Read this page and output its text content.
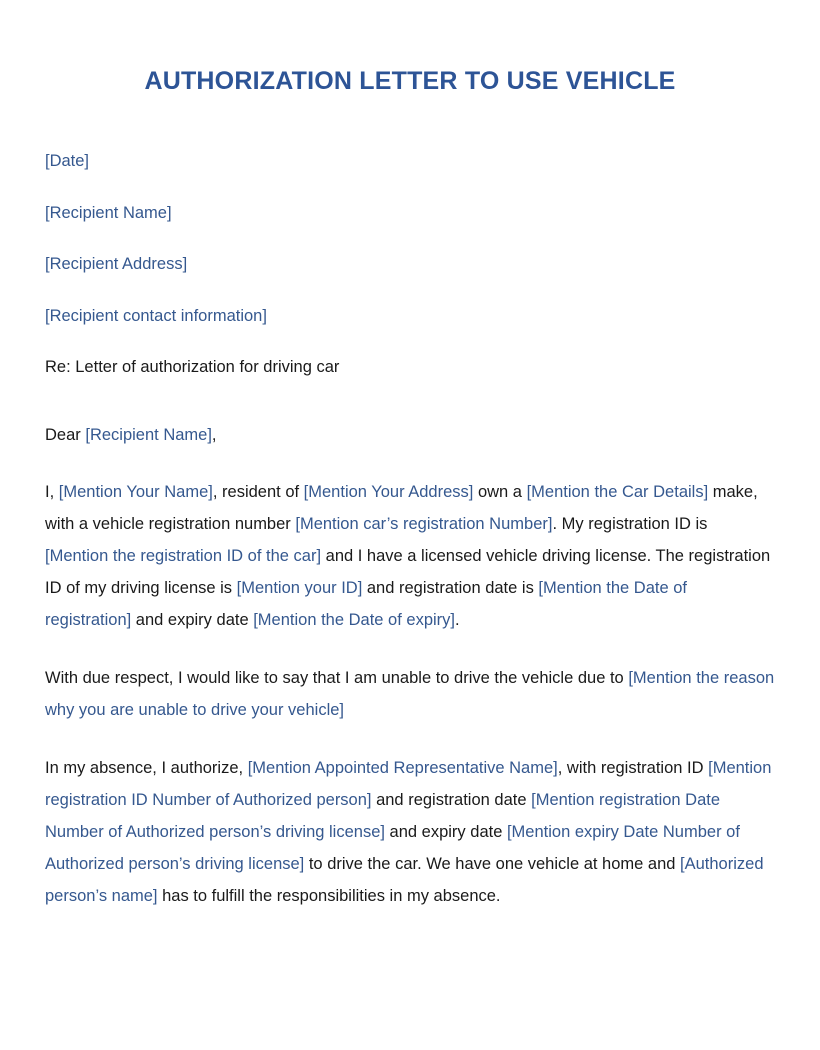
AUTHORIZATION LETTER TO USE VEHICLE
[Date]
[Recipient Name]
[Recipient Address]
[Recipient contact information]
Re: Letter of authorization for driving car
Dear [Recipient Name],

I, [Mention Your Name], resident of [Mention Your Address] own a [Mention the Car Details] make, with a vehicle registration number [Mention car’s registration Number]. My registration ID is [Mention the registration ID of the car] and I have a licensed vehicle driving license. The registration ID of my driving license is [Mention your ID] and registration date is [Mention the Date of registration] and expiry date [Mention the Date of expiry].

With due respect, I would like to say that I am unable to drive the vehicle due to [Mention the reason why you are unable to drive your vehicle]

In my absence, I authorize, [Mention Appointed Representative Name], with registration ID [Mention registration ID Number of Authorized person] and registration date [Mention registration Date Number of Authorized person’s driving license] and expiry date [Mention expiry Date Number of Authorized person’s driving license] to drive the car. We have one vehicle at home and [Authorized person’s name] has to fulfill the responsibilities in my absence.
